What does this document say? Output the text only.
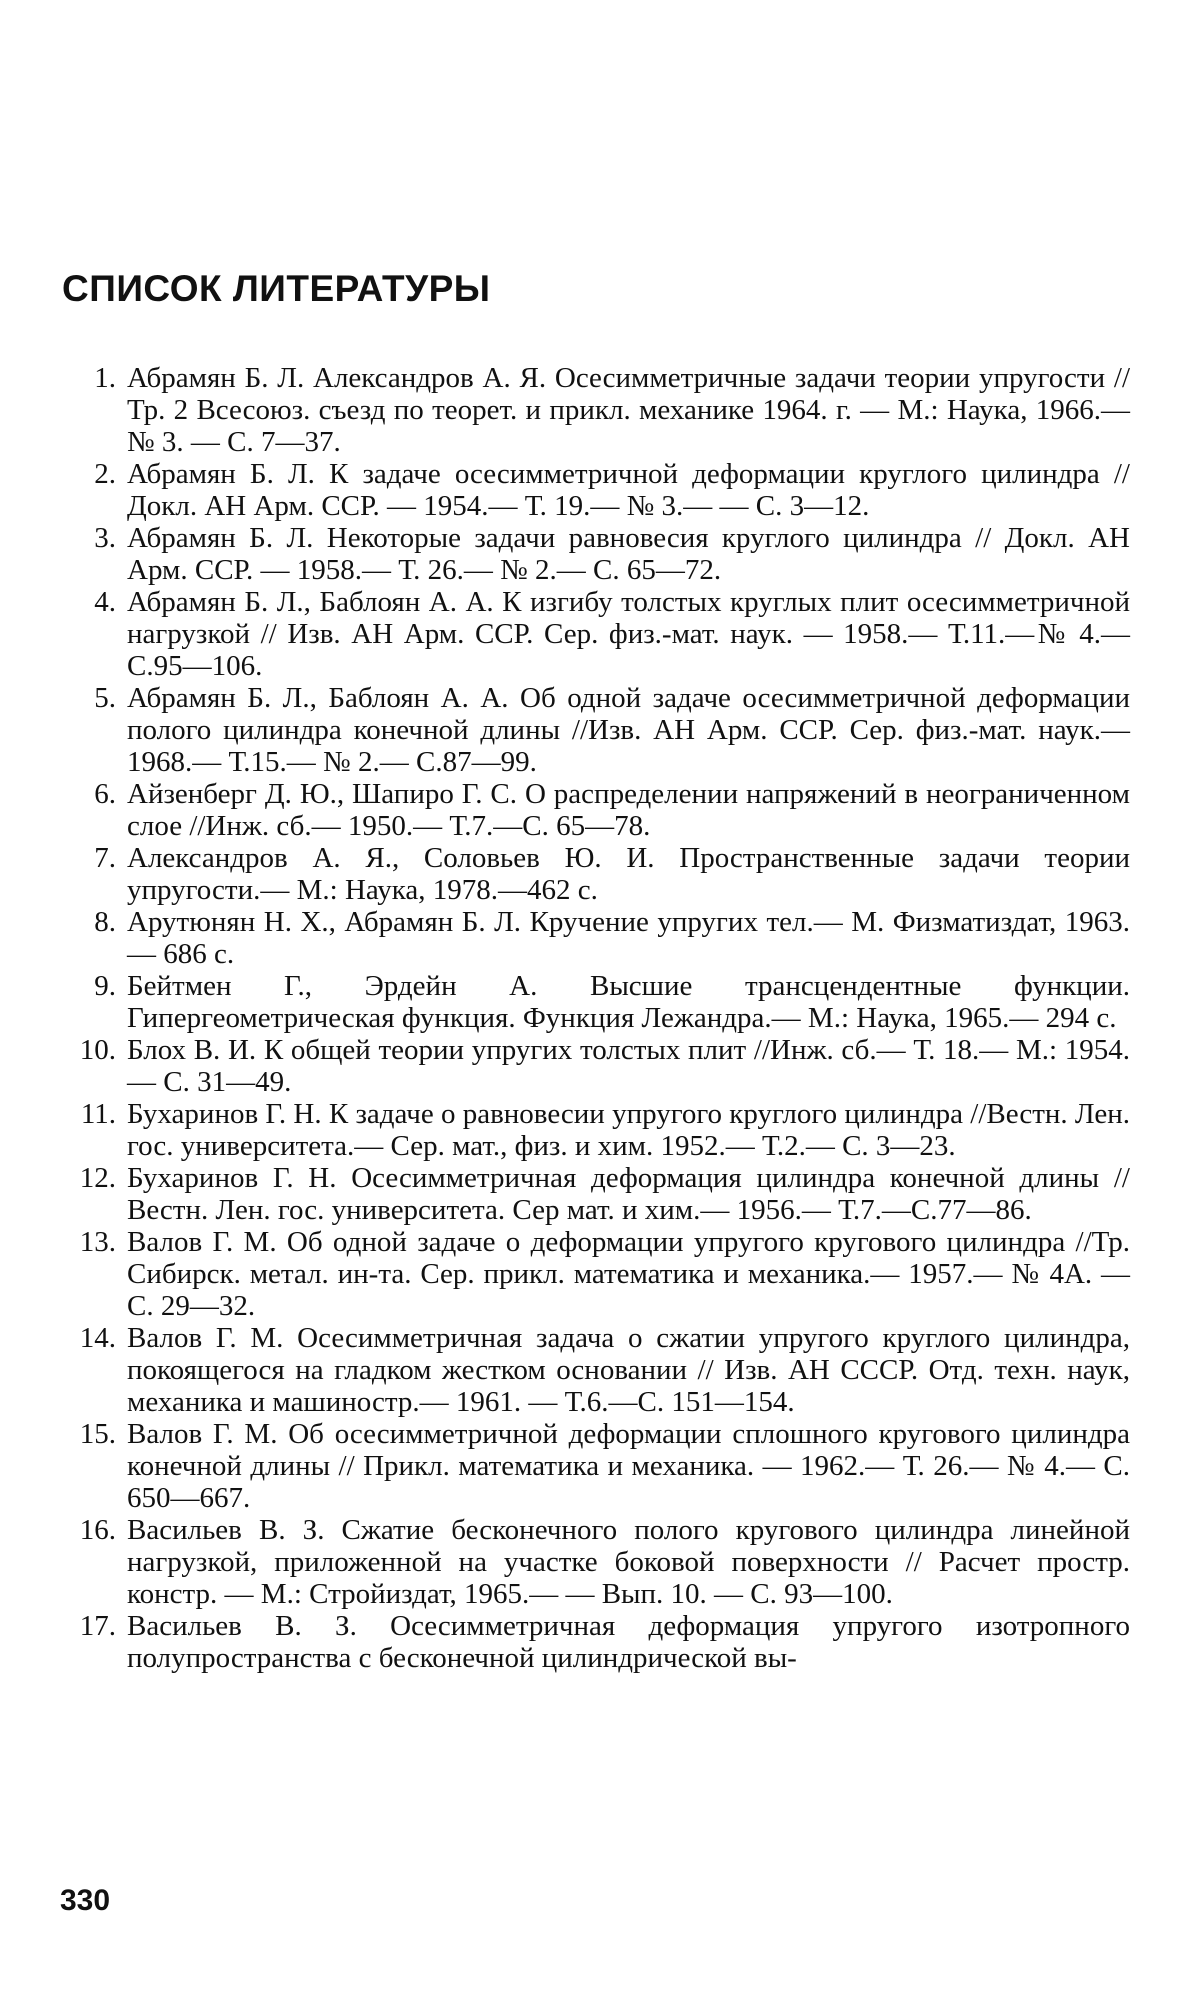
СПИСОК ЛИТЕРАТУРЫ
1. Абрамян Б. Л. Александров А. Я. Осесимметричные задачи теории упругости // Тр. 2 Всесоюз. съезд по теорет. и прикл. механике 1964. г. — М.: Наука, 1966.— № 3. — С. 7—37.
2. Абрамян Б. Л. К задаче осесимметричной деформации круглого цилиндра // Докл. АН Арм. ССР. — 1954.— Т. 19.— № 3.— — С. 3—12.
3. Абрамян Б. Л. Некоторые задачи равновесия круглого цилиндра // Докл. АН Арм. ССР. — 1958.— Т. 26.— № 2.— С. 65—72.
4. Абрамян Б. Л., Баблоян А. А. К изгибу толстых круглых плит осесимметричной нагрузкой // Изв. АН Арм. ССР. Сер. физ.-мат. наук. — 1958.— Т.11.—№ 4.—С.95—106.
5. Абрамян Б. Л., Баблоян А. А. Об одной задаче осесимметричной деформации полого цилиндра конечной длины //Изв. АН Арм. ССР. Сер. физ.-мат. наук.— 1968.— Т.15.— № 2.— С.87—99.
6. Айзенберг Д. Ю., Шапиро Г. С. О распределении напряжений в неограниченном слое //Инж. сб.— 1950.— Т.7.—С. 65—78.
7. Александров А. Я., Соловьев Ю. И. Пространственные задачи теории упругости.— М.: Наука, 1978.—462 с.
8. Арутюнян Н. Х., Абрамян Б. Л. Кручение упругих тел.— М. Физматиздат, 1963.— 686 с.
9. Бейтмен Г., Эрдейн А. Высшие трансцендентные функции. Гипергеометрическая функция. Функция Лежандра.— М.: Наука, 1965.— 294 с.
10. Блох В. И. К общей теории упругих толстых плит //Инж. сб.— Т. 18.— М.: 1954. — С. 31—49.
11. Бухаринов Г. Н. К задаче о равновесии упругого круглого цилиндра //Вестн. Лен. гос. университета.— Сер. мат., физ. и хим. 1952.— Т.2.— С. 3—23.
12. Бухаринов Г. Н. Осесимметричная деформация цилиндра конечной длины //Вестн. Лен. гос. университета. Сер мат. и хим.— 1956.— Т.7.—С.77—86.
13. Валов Г. М. Об одной задаче о деформации упругого кругового цилиндра //Тр. Сибирск. метал. ин-та. Сер. прикл. математика и механика.— 1957.— № 4А. — С. 29—32.
14. Валов Г. М. Осесимметричная задача о сжатии упругого круглого цилиндра, покоящегося на гладком жестком основании // Изв. АН СССР. Отд. техн. наук, механика и машиностр.— 1961. — Т.6.—С. 151—154.
15. Валов Г. М. Об осесимметричной деформации сплошного кругового цилиндра конечной длины // Прикл. математика и механика. — 1962.— Т. 26.— № 4.— С. 650—667.
16. Васильев В. З. Сжатие бесконечного полого кругового цилиндра линейной нагрузкой, приложенной на участке боковой поверхности // Расчет простр. констр. — М.: Стройиздат, 1965.— — Вып. 10. — С. 93—100.
17. Васильев В. З. Осесимметричная деформация упругого изотропного полупространства с бесконечной цилиндрической вы-
330
